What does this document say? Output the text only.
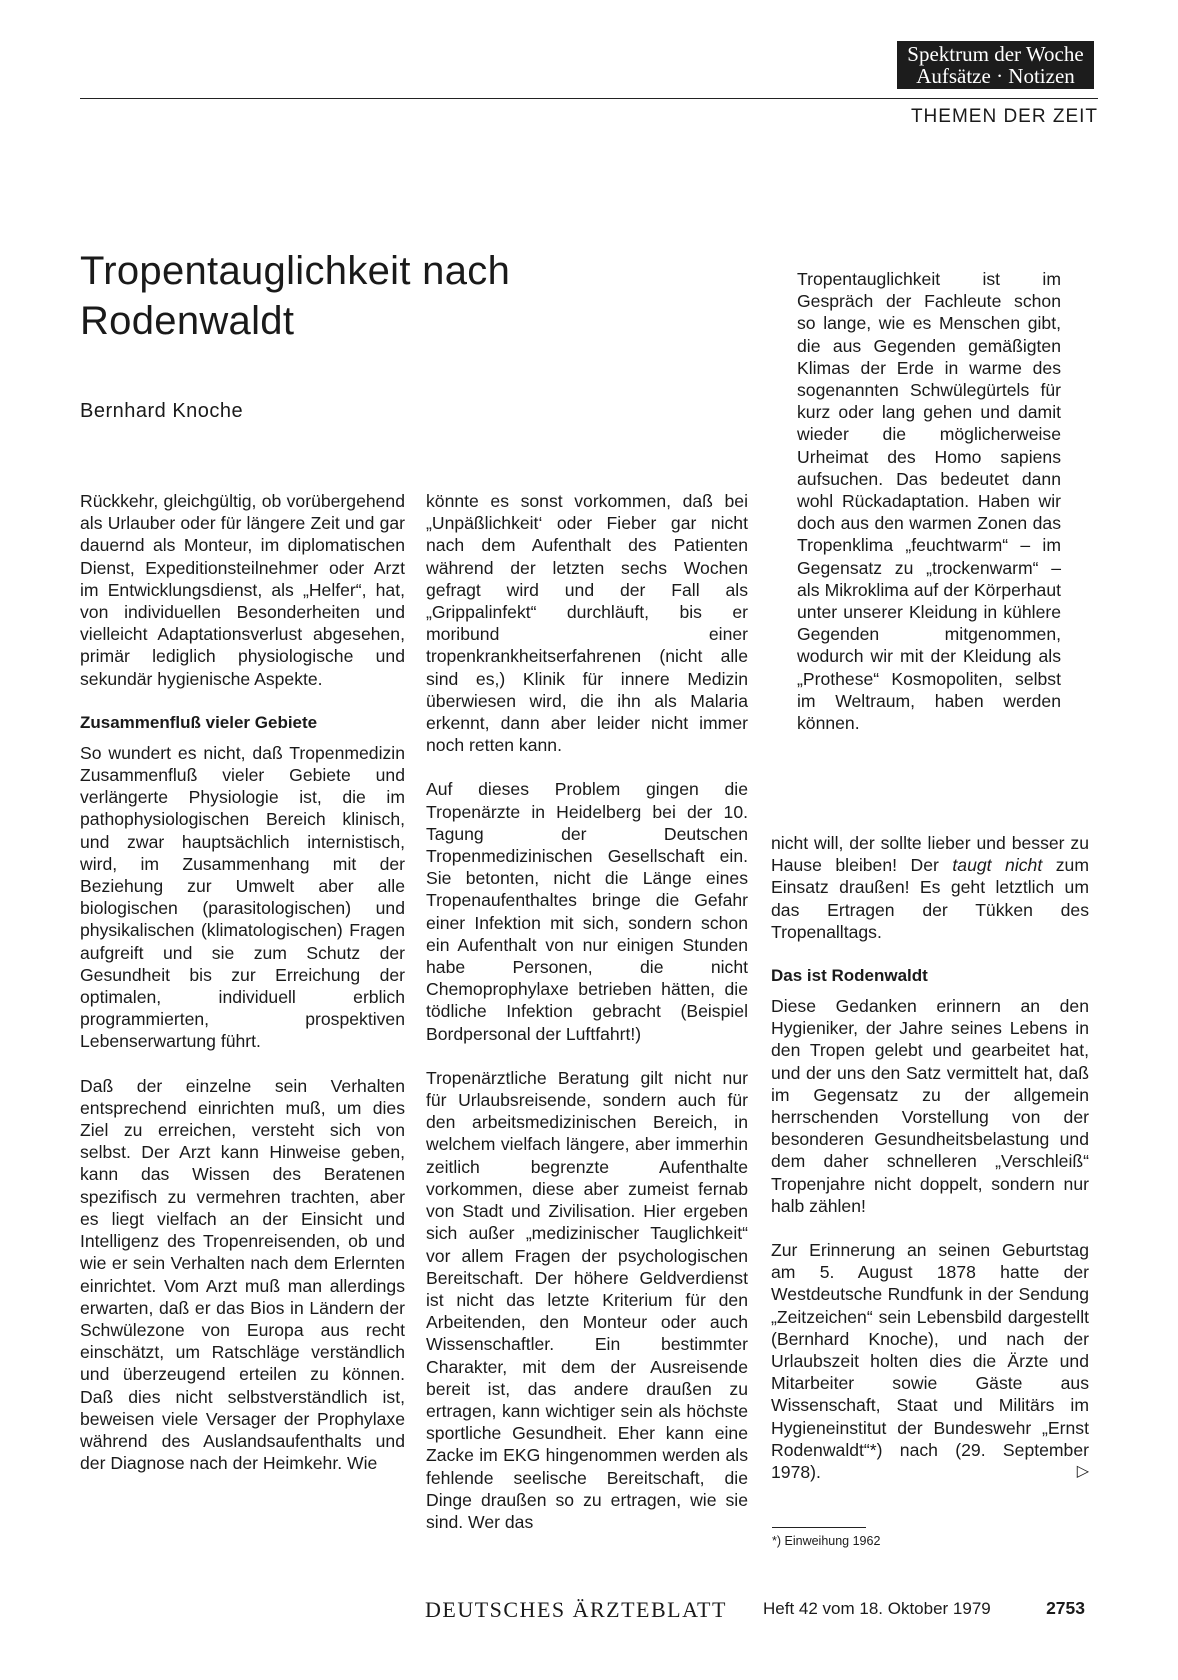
Spektrum der Woche
Aufsätze · Notizen
THEMEN DER ZEIT
Tropentauglichkeit nach Rodenwaldt
Bernhard Knoche

Rückkehr, gleichgültig, ob vorübergehend als Urlauber oder für längere Zeit und gar dauernd als Monteur, im diplomatischen Dienst, Expeditionsteilnehmer oder Arzt im Entwicklungsdienst, als „Helfer“, hat, von individuellen Besonderheiten und vielleicht Adaptationsverlust abgesehen, primär lediglich physiologische und sekundär hygienische Aspekte.

Zusammenfluß vieler Gebiete

So wundert es nicht, daß Tropenmedizin Zusammenfluß vieler Gebiete und verlängerte Physiologie ist, die im pathophysiologischen Bereich klinisch, und zwar hauptsächlich internistisch, wird, im Zusammenhang mit der Beziehung zur Umwelt aber alle biologischen (parasitologischen) und physikalischen (klimatologischen) Fragen aufgreift und sie zum Schutz der Gesundheit bis zur Erreichung der optimalen, individuell erblich programmierten, prospektiven Lebenserwartung führt.

Daß der einzelne sein Verhalten entsprechend einrichten muß, um dies Ziel zu erreichen, versteht sich von selbst. Der Arzt kann Hinweise geben, kann das Wissen des Beratenen spezifisch zu vermehren trachten, aber es liegt vielfach an der Einsicht und Intelligenz des Tropenreisenden, ob und wie er sein Verhalten nach dem Erlernten einrichtet. Vom Arzt muß man allerdings erwarten, daß er das Bios in Ländern der Schwülezone von Europa aus recht einschätzt, um Ratschläge verständlich und überzeugend erteilen zu können. Daß dies nicht selbstverständlich ist, beweisen viele Versager der Prophylaxe während des Auslandsaufenthalts und der Diagnose nach der Heimkehr. Wie

könnte es sonst vorkommen, daß bei „Unpäßlichkeit‘ oder Fieber gar nicht nach dem Aufenthalt des Patienten während der letzten sechs Wochen gefragt wird und der Fall als „Grippalinfekt“ durchläuft, bis er moribund einer tropenkrankheitserfahrenen (nicht alle sind es,) Klinik für innere Medizin überwiesen wird, die ihn als Malaria erkennt, dann aber leider nicht immer noch retten kann.

Auf dieses Problem gingen die Tropenärzte in Heidelberg bei der 10. Tagung der Deutschen Tropenmedizinischen Gesellschaft ein. Sie betonten, nicht die Länge eines Tropenaufenthaltes bringe die Gefahr einer Infektion mit sich, sondern schon ein Aufenthalt von nur einigen Stunden habe Personen, die nicht Chemoprophylaxe betrieben hätten, die tödliche Infektion gebracht (Beispiel Bordpersonal der Luftfahrt!)

Tropenärztliche Beratung gilt nicht nur für Urlaubsreisende, sondern auch für den arbeitsmedizinischen Bereich, in welchem vielfach längere, aber immerhin zeitlich begrenzte Aufenthalte vorkommen, diese aber zumeist fernab von Stadt und Zivilisation. Hier ergeben sich außer „medizinischer Tauglichkeit“ vor allem Fragen der psychologischen Bereitschaft. Der höhere Geldverdienst ist nicht das letzte Kriterium für den Arbeitenden, den Monteur oder auch Wissenschaftler. Ein bestimmter Charakter, mit dem der Ausreisende bereit ist, das andere draußen zu ertragen, kann wichtiger sein als höchste sportliche Gesundheit. Eher kann eine Zacke im EKG hingenommen werden als fehlende seelische Bereitschaft, die Dinge draußen so zu ertragen, wie sie sind. Wer das

Tropentauglichkeit ist im Gespräch der Fachleute schon so lange, wie es Menschen gibt, die aus Gegenden gemäßigten Klimas der Erde in warme des sogenannten Schwülegürtels für kurz oder lang gehen und damit wieder die möglicherweise Urheimat des Homo sapiens aufsuchen. Das bedeutet dann wohl Rückadaptation. Haben wir doch aus den warmen Zonen das Tropenklima „feuchtwarm“ – im Gegensatz zu „trockenwarm“ – als Mikroklima auf der Körperhaut unter unserer Kleidung in kühlere Gegenden mitgenommen, wodurch wir mit der Kleidung als „Prothese“ Kosmopoliten, selbst im Weltraum, haben werden können.

nicht will, der sollte lieber und besser zu Hause bleiben! Der taugt nicht zum Einsatz draußen! Es geht letztlich um das Ertragen der Tükken des Tropenalltags.

Das ist Rodenwaldt

Diese Gedanken erinnern an den Hygieniker, der Jahre seines Lebens in den Tropen gelebt und gearbeitet hat, und der uns den Satz vermittelt hat, daß im Gegensatz zu der allgemein herrschenden Vorstellung von der besonderen Gesundheitsbelastung und dem daher schnelleren „Verschleiß“ Tropenjahre nicht doppelt, sondern nur halb zählen!

Zur Erinnerung an seinen Geburtstag am 5. August 1878 hatte der Westdeutsche Rundfunk in der Sendung „Zeitzeichen“ sein Lebensbild dargestellt (Bernhard Knoche), und nach der Urlaubszeit holten dies die Ärzte und Mitarbeiter sowie Gäste aus Wissenschaft, Staat und Militärs im Hygieneinstitut der Bundeswehr „Ernst Rodenwaldt“*) nach (29. September 1978).	▷

*) Einweihung 1962
DEUTSCHES ÄRZTEBLATT Heft 42 vom 18. Oktober 1979	2753
